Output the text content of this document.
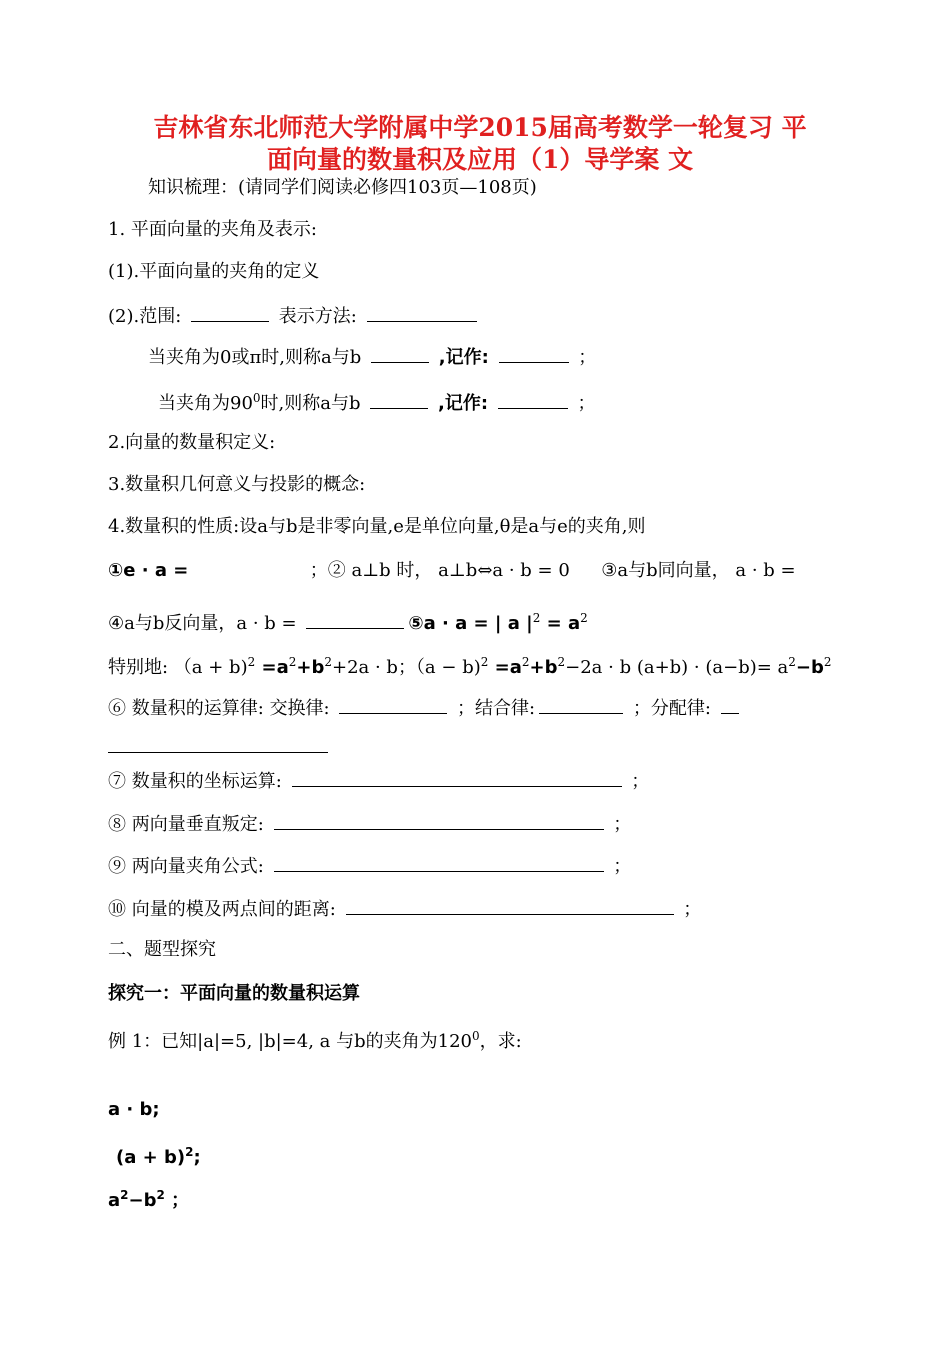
吉林省东北师范大学附属中学2015届高考数学一轮复习 平
面向量的数量积及应用（1）导学案 文
知识梳理：(请同学们阅读必修四103页—108页)
1. 平面向量的夹角及表示:
(1).平面向量的夹角的定义
(2).范围:	表示方法:
当夹角为0或π时,则称a与b	,记作:	；
当夹角为$90^0$时,则称a与b	,记作:	；
2.向量的数量积定义:
3.数量积几何意义与投影的概念:
4.数量积的性质:设a与b是非零向量,e是单位向量,θ是a与e的夹角,则
①e · a =	；② a⊥b 时， a⊥b⇔a · b = 0 ③a与b同向量， a · b =
④a与b反向量，a · b =	⑤a · a = | a $|^2 = a^2$
特别地: $(a + b)^2 =a^2+b^2+2a \cdot b$；$(a - b)^2 =a^2+b^2-2a \cdot b$ $(a+b) \cdot (a-b)= a^2-b^2$
⑥ 数量积的运算律: 交换律:	；结合律:	；分配律:
⑦ 数量积的坐标运算:	；
⑧ 两向量垂直叛定:	；
⑨ 两向量夹角公式:	；
⑩ 向量的模及两点间的距离:	；
二、题型探究
探究一：平面向量的数量积运算
例 1：已知|a|=5, |b|=4, a 与b的夹角为$120^0$，求:
a · b;
$(a + b)^2$;
$a^2-b^2$ ；
